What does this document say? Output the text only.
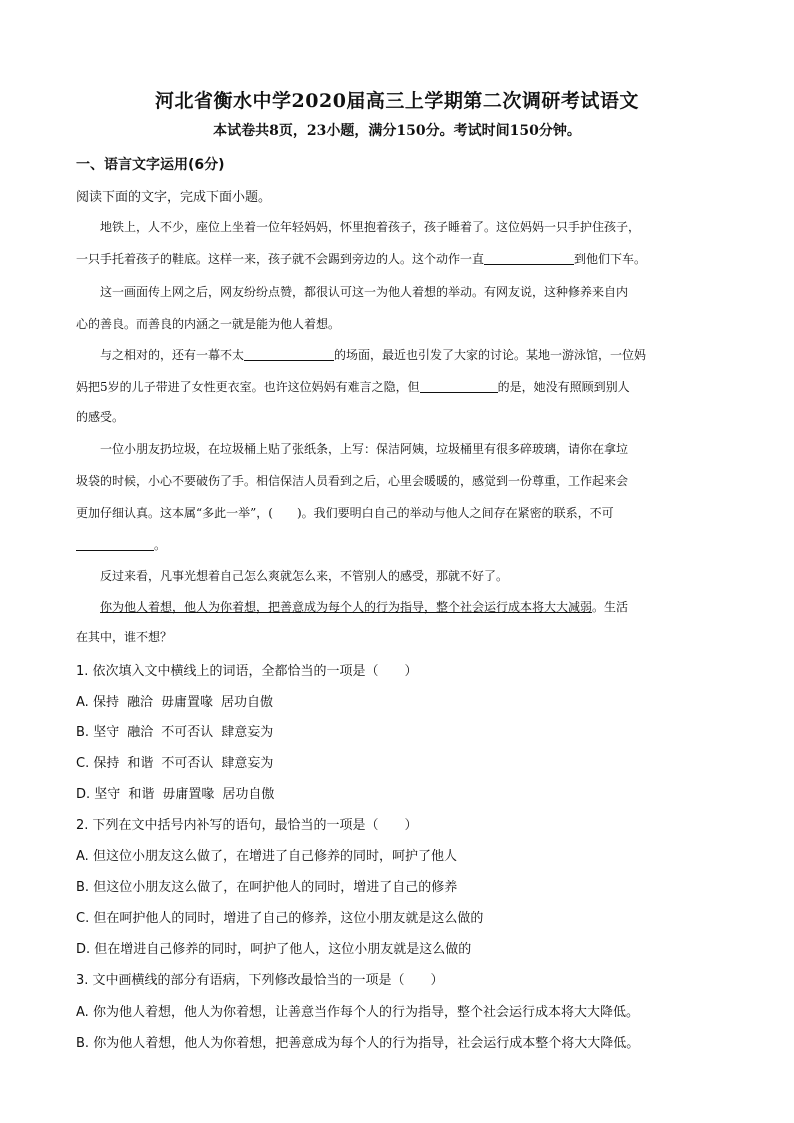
河北省衡水中学2020届高三上学期第二次调研考试语文
本试卷共8页，23小题，满分150分。考试时间150分钟。
一、语言文字运用(6分)
阅读下面的文字，完成下面小题。
地铁上，人不少，座位上坐着一位年轻妈妈，怀里抱着孩子，孩子睡着了。这位妈妈一只手护住孩子，
一只手托着孩子的鞋底。这样一来，孩子就不会踢到旁边的人。这个动作一直	到他们下车。
这一画面传上网之后，网友纷纷点赞，都很认可这一为他人着想的举动。有网友说，这种修养来自内
心的善良。而善良的内涵之一就是能为他人着想。
与之相对的，还有一幕不太	的场面，最近也引发了大家的讨论。某地一游泳馆，一位妈
妈把5岁的儿子带进了女性更衣室。也许这位妈妈有难言之隐，但	的是，她没有照顾到别人
的感受。
一位小朋友扔垃圾，在垃圾桶上贴了张纸条，上写：保洁阿姨，垃圾桶里有很多碎玻璃，请你在拿垃
圾袋的时候，小心不要破伤了手。相信保洁人员看到之后，心里会暖暖的，感觉到一份尊重，工作起来会
更加仔细认真。这本属“多此一举”，(　　)。我们要明白自己的举动与他人之间存在紧密的联系，不可
。
反过来看，凡事光想着自己怎么爽就怎么来，不管别人的感受，那就不好了。
你为他人着想，他人为你着想，把善意成为每个人的行为指导，整个社会运行成本将大大减弱。生活
在其中，谁不想？
1. 依次填入文中横线上的词语，全都恰当的一项是（　　）
A. 保持 融洽 毋庸置喙 居功自傲
B. 坚守 融洽 不可否认 肆意妄为
C. 保持 和谐 不可否认 肆意妄为
D. 坚守 和谐 毋庸置喙 居功自傲
2. 下列在文中括号内补写的语句，最恰当的一项是（　　）
A. 但这位小朋友这么做了，在增进了自己修养的同时，呵护了他人
B. 但这位小朋友这么做了，在呵护他人的同时，增进了自己的修养
C. 但在呵护他人的同时，增进了自己的修养，这位小朋友就是这么做的
D. 但在增进自己修养的同时，呵护了他人，这位小朋友就是这么做的
3. 文中画横线的部分有语病，下列修改最恰当的一项是（　　）
A. 你为他人着想，他人为你着想，让善意当作每个人的行为指导，整个社会运行成本将大大降低。
B. 你为他人着想，他人为你着想，把善意成为每个人的行为指导，社会运行成本整个将大大降低。
